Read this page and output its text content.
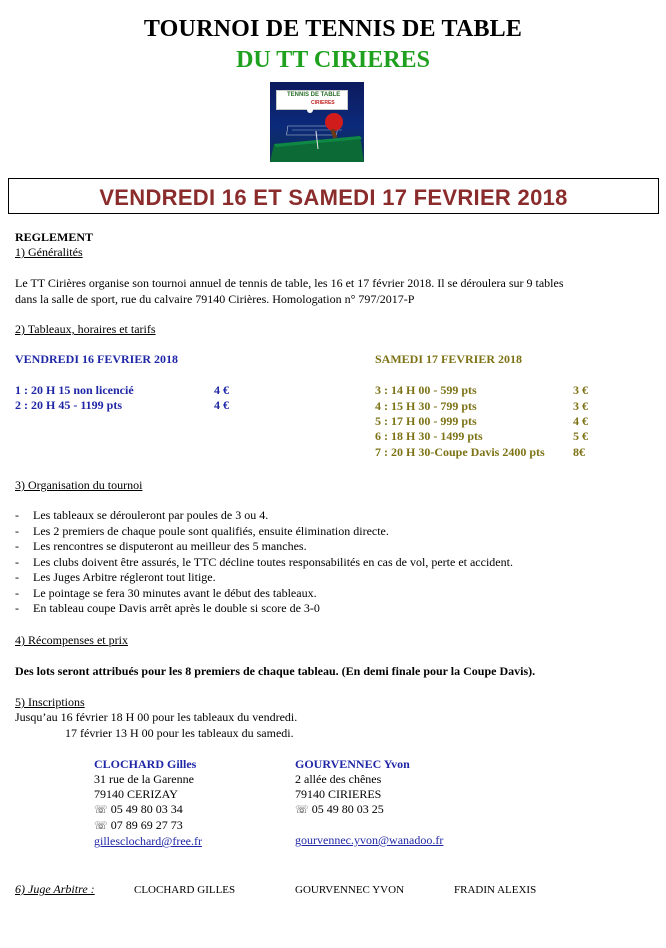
TOURNOI DE TENNIS DE TABLE
DU TT CIRIERES
TENNIS DE TABLE
CIRIERES
VENDREDI 16 ET SAMEDI 17 FEVRIER 2018
REGLEMENT
1) Généralités
Le TT Cirières organise son tournoi annuel de tennis de table, les 16 et 17 février 2018. Il se déroulera sur 9 tables
dans la salle de sport, rue du calvaire 79140 Cirières. Homologation n° 797/2017-P
2) Tableaux, horaires et tarifs
VENDREDI 16 FEVRIER 2018
1 : 20 H 15 non licencié	4 €
2 : 20 H 45 - 1199 pts	4 €
SAMEDI 17 FEVRIER 2018
3 : 14 H 00 - 599 pts	3 €
4 : 15 H 30 - 799 pts	3 €
5 : 17 H 00 - 999 pts	4 €
6 : 18 H 30 - 1499 pts	5 €
7 : 20 H 30-Coupe Davis 2400 pts 8€
3) Organisation du tournoi
- Les tableaux se dérouleront par poules de 3 ou 4.
- Les 2 premiers de chaque poule sont qualifiés, ensuite élimination directe.
- Les rencontres se disputeront au meilleur des 5 manches.
- Les clubs doivent être assurés, le TTC décline toutes responsabilités en cas de vol, perte et accident.
- Les Juges Arbitre régleront tout litige.
- Le pointage se fera 30 minutes avant le début des tableaux.
- En tableau coupe Davis arrêt après le double si score de 3-0
4) Récompenses et prix
Des lots seront attribués pour les 8 premiers de chaque tableau. (En demi finale pour la Coupe Davis).
5) Inscriptions
Jusqu’au 16 février 18 H 00 pour les tableaux du vendredi.
17 février 13 H 00 pour les tableaux du samedi.
CLOCHARD Gilles
31 rue de la Garenne
79140 CERIZAY
☏ 05 49 80 03 34
☏ 07 89 69 27 73
gillesclochard@free.fr
GOURVENNEC Yvon
2 allée des chênes
79140 CIRIERES
☏ 05 49 80 03 25
gourvennec.yvon@wanadoo.fr
6) Juge Arbitre :	CLOCHARD GILLES	GOURVENNEC YVON	FRADIN ALEXIS
